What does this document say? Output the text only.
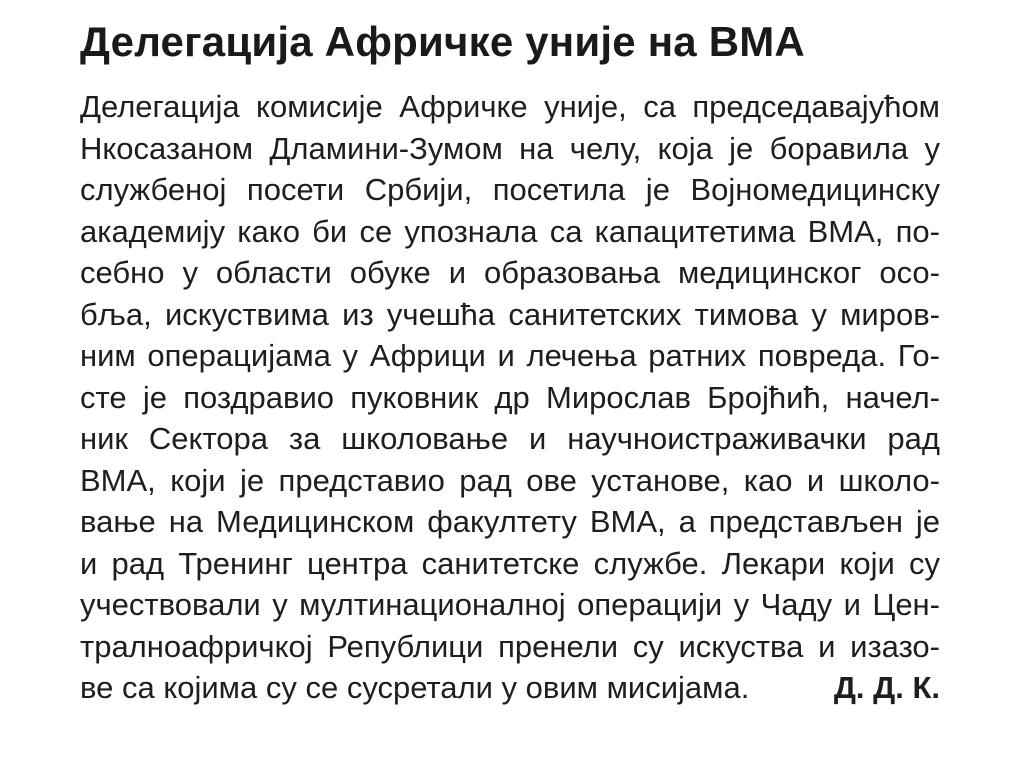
Делегација Афричке уније на ВМА
Делегација комисије Афричке уније, са председавајућом
Нкосазаном Дламини-Зумом на челу, која је боравила у
службеној посети Србији, посетила је Војномедицинску
академију како би се упознала са капацитетима ВМА, по-
себно у области обуке и образовања медицинског осо-
бља, искуствима из учешћа санитетских тимова у миров-
ним операцијама у Африци и лечења ратних повреда. Го-
сте је поздравио пуковник др Мирослав Бројћић, начел-
ник Сектора за школовање и научноистраживачки рад
ВМА, који је представио рад ове установе, као и школо-
вање на Медицинском факултету ВМА, а представљен је
и рад Тренинг центра санитетске службе. Лекари који су
учествовали у мултинационалној операцији у Чаду и Цен-
тралноафричкој Републици пренели су искуства и изазо-
ве са којима су се сусретали у овим мисијама.	Д. Д. К.
